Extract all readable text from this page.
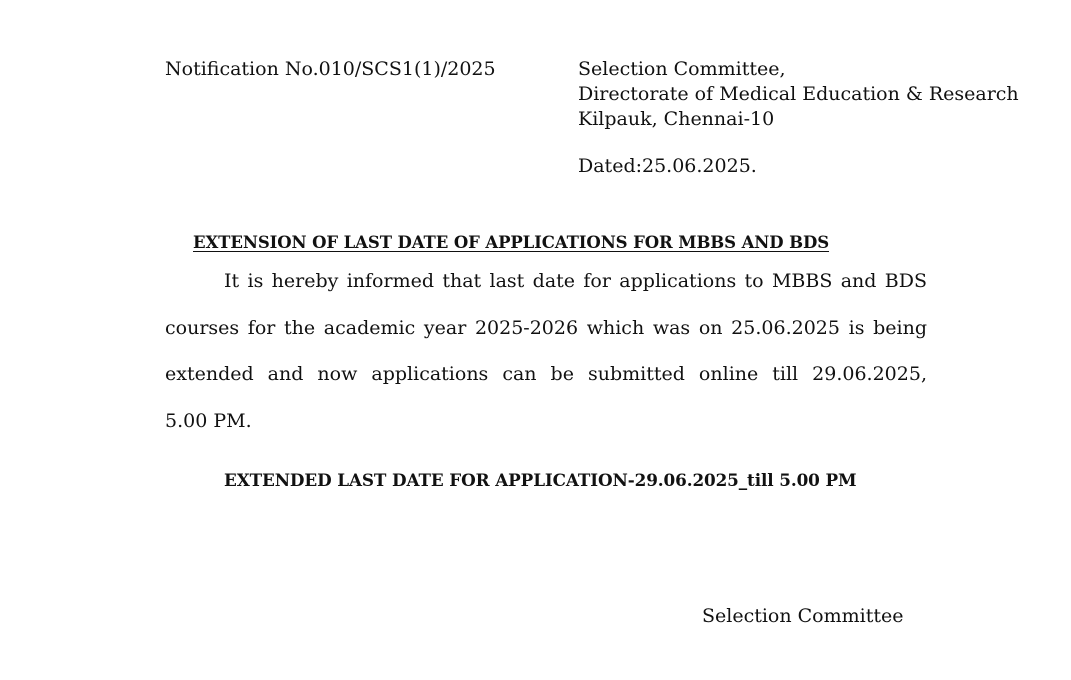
Notification No.010/SCS1(1)/2025	Selection Committee,
Directorate of Medical Education & Research
Kilpauk, Chennai-10
Dated:25.06.2025.
EXTENSION OF LAST DATE OF APPLICATIONS FOR MBBS AND BDS
It is hereby informed that last date for applications to MBBS and BDS
courses for the academic year 2025-2026 which was on 25.06.2025 is being
extended and now applications can be submitted online till 29.06.2025,
5.00 PM.
EXTENDED LAST DATE FOR APPLICATION-29.06.2025_till 5.00 PM
Selection Committee
